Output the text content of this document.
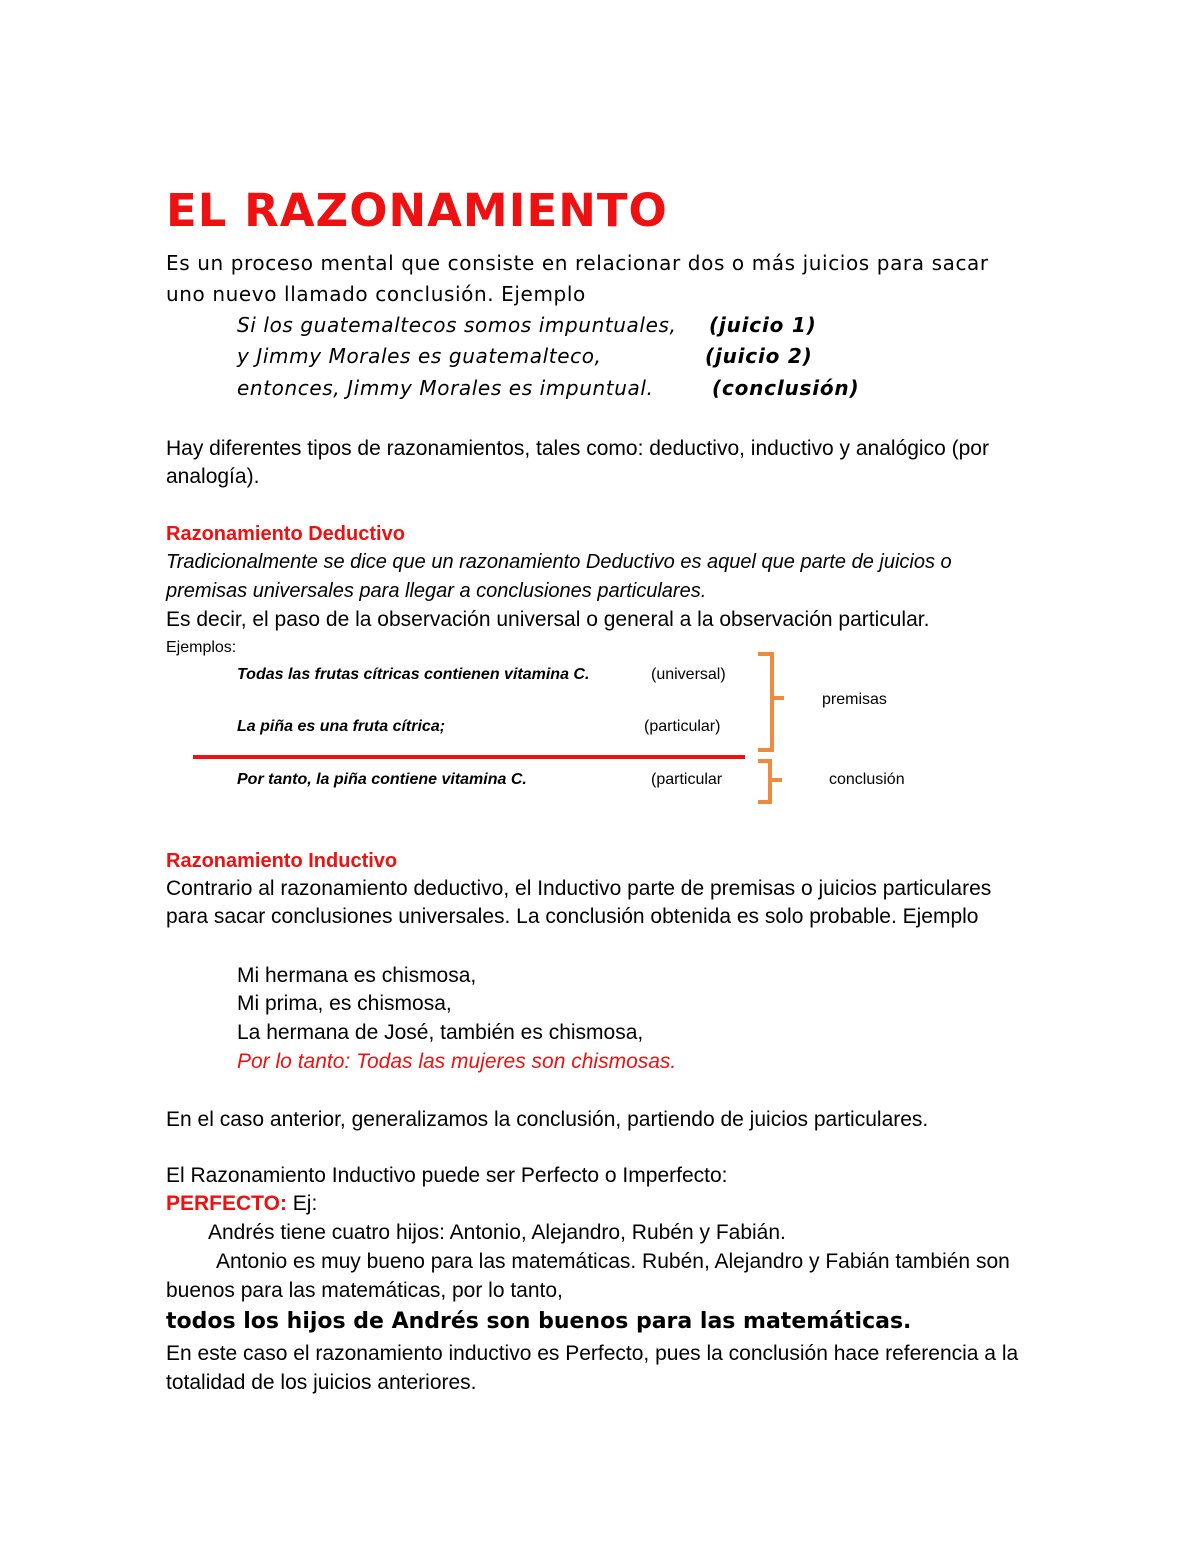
EL RAZONAMIENTO
Es un proceso mental que consiste en relacionar dos o más juicios para sacar
uno nuevo llamado conclusión. Ejemplo
Si los guatemaltecos somos impuntuales, (juicio 1)
y Jimmy Morales es guatemalteco,	(juicio 2)
entonces, Jimmy Morales es impuntual.	(conclusión)
Hay diferentes tipos de razonamientos, tales como: deductivo, inductivo y analógico (por
analogía).
Razonamiento Deductivo
Tradicionalmente se dice que un razonamiento Deductivo es aquel que parte de juicios o
premisas universales para llegar a conclusiones particulares.
Es decir, el paso de la observación universal o general a la observación particular.
Ejemplos:
Todas las frutas cítricas contienen vitamina C.	(universal)
La piña es una fruta cítrica;	(particular)
Por tanto, la piña contiene vitamina C.	(particular
premisas
conclusión
Razonamiento Inductivo
Contrario al razonamiento deductivo, el Inductivo parte de premisas o juicios particulares
para sacar conclusiones universales. La conclusión obtenida es solo probable. Ejemplo
Mi hermana es chismosa,
Mi prima, es chismosa,
La hermana de José, también es chismosa,
Por lo tanto: Todas las mujeres son chismosas.
En el caso anterior, generalizamos la conclusión, partiendo de juicios particulares.
El Razonamiento Inductivo puede ser Perfecto o Imperfecto:
PERFECTO: Ej:
Andrés tiene cuatro hijos: Antonio, Alejandro, Rubén y Fabián.
Antonio es muy bueno para las matemáticas. Rubén, Alejandro y Fabián también son
buenos para las matemáticas, por lo tanto,
todos los hijos de Andrés son buenos para las matemáticas.
En este caso el razonamiento inductivo es Perfecto, pues la conclusión hace referencia a la
totalidad de los juicios anteriores.
